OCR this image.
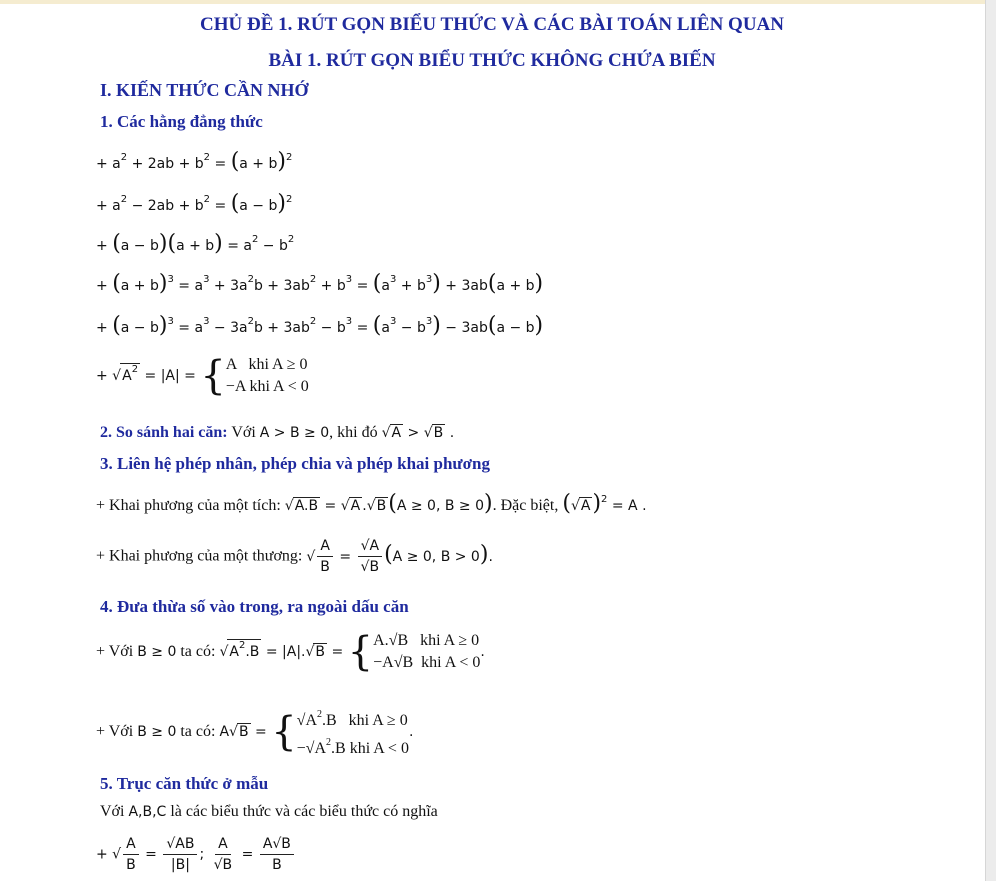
CHỦ ĐỀ 1. RÚT GỌN BIỂU THỨC VÀ CÁC BÀI TOÁN LIÊN QUAN
BÀI 1. RÚT GỌN BIỂU THỨC KHÔNG CHỨA BIẾN
I. KIẾN THỨC CẦN NHỚ
1. Các hằng đẳng thức
+ $a^2 + 2ab + b^2 = (a + b)^2$
+ $a^2 - 2ab + b^2 = (a - b)^2$
+ $(a - b)(a + b) = a^2 - b^2$
+ $(a + b)^3 = a^3 + 3a^2b + 3ab^2 + b^3 = (a^3 + b^3) + 3ab(a + b)$
+ $(a - b)^3 = a^3 - 3a^2b + 3ab^2 - b^3 = (a^3 - b^3) - 3ab(a - b)$
+ $√A^2 = |A|$ = { A   khi A ≥ 0
−A khi A < 0
2. So sánh hai căn: Với A > B ≥ 0, khi đó √A > √B .
3. Liên hệ phép nhân, phép chia và phép khai phương
+ Khai phương của một tích: √A.B = √A .√B(A ≥ 0, B ≥ 0). Đặc biệt, $(√A)^2 = A$ .
+ Khai phương của một thương: √ $\frac{A}{B} = \frac{√A}{√B} (A \ge 0$, B > 0).
4. Đưa thừa số vào trong, ra ngoài dấu căn
+ Với B ≥ 0 ta có: $√A^2.B = |A|.√B$ = { A.√B   khi A ≥ 0
−A√B  khi A < 0
.
+ Với B ≥ 0 ta có: A√B = { $√A^2.B$   khi A ≥ 0
$-√A^2.B$ khi A < 0
.
5. Trục căn thức ở mẫu
Với A,B,C là các biểu thức và các biểu thức có nghĩa
+ √ $\frac{A}{B} = \frac{√AB}{|B|}$ ; $\frac{A}{√B} = \frac{A√B}{B}$
